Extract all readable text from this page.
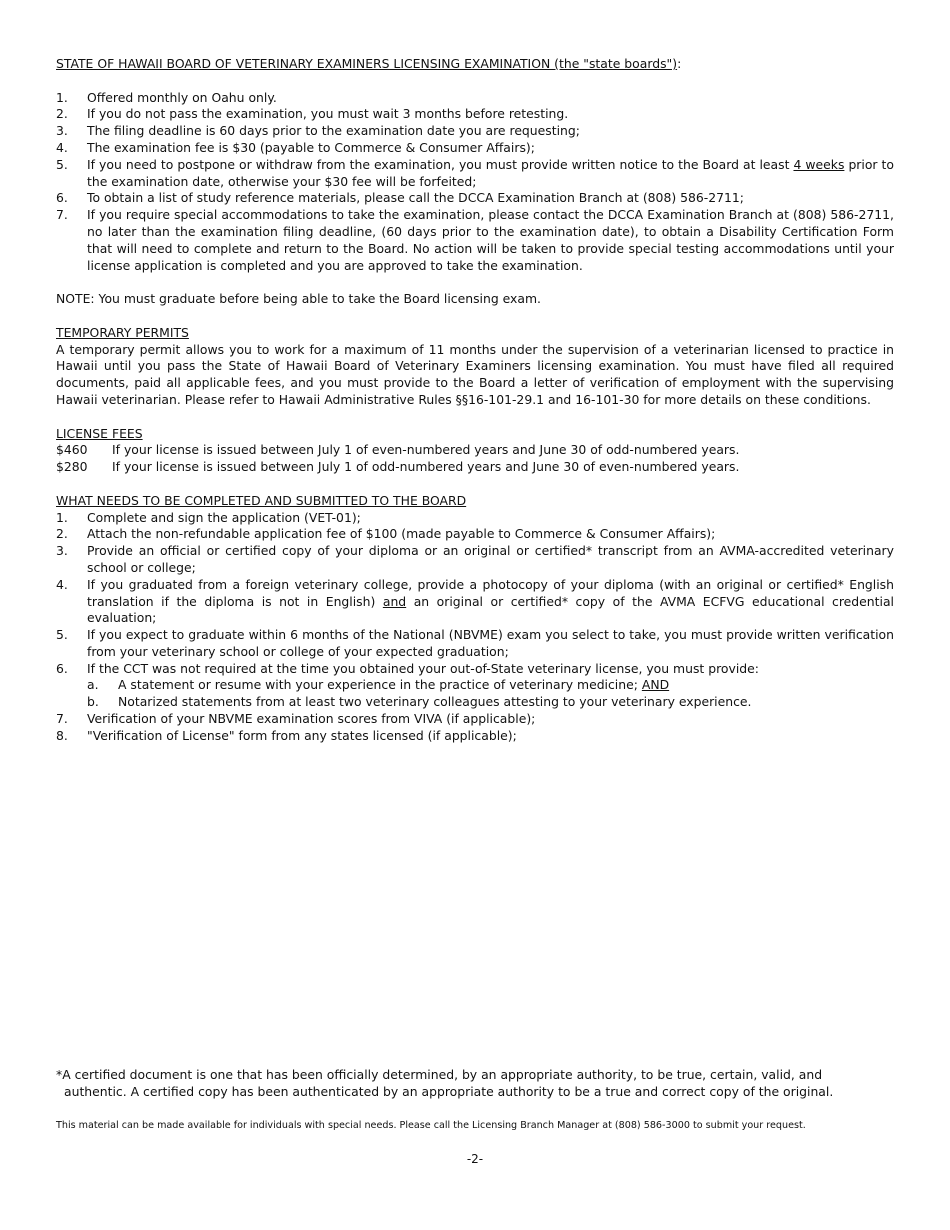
STATE OF HAWAII BOARD OF VETERINARY EXAMINERS LICENSING EXAMINATION (the "state boards"):

1.	Offered monthly on Oahu only.
2.	If you do not pass the examination, you must wait 3 months before retesting.
3.	The filing deadline is 60 days prior to the examination date you are requesting;
4.	The examination fee is $30 (payable to Commerce & Consumer Affairs);
5.	If you need to postpone or withdraw from the examination, you must provide written notice to the Board at least 4 weeks prior to the examination date, otherwise your $30 fee will be forfeited;
6.	To obtain a list of study reference materials, please call the DCCA Examination Branch at (808) 586-2711;
7.	If you require special accommodations to take the examination, please contact the DCCA Examination Branch at (808) 586-2711, no later than the examination filing deadline, (60 days prior to the examination date), to obtain a Disability Certification Form that will need to complete and return to the Board. No action will be taken to provide special testing accommodations until your license application is completed and you are approved to take the examination.

NOTE: You must graduate before being able to take the Board licensing exam.

TEMPORARY PERMITS

A temporary permit allows you to work for a maximum of 11 months under the supervision of a veterinarian licensed to practice in Hawaii until you pass the State of Hawaii Board of Veterinary Examiners licensing examination. You must have filed all required documents, paid all applicable fees, and you must provide to the Board a letter of verification of employment with the supervising Hawaii veterinarian. Please refer to Hawaii Administrative Rules §§16-101-29.1 and 16-101-30 for more details on these conditions.

LICENSE FEES

$460	If your license is issued between July 1 of even-numbered years and June 30 of odd-numbered years.
$280	If your license is issued between July 1 of odd-numbered years and June 30 of even-numbered years.

WHAT NEEDS TO BE COMPLETED AND SUBMITTED TO THE BOARD

1.	Complete and sign the application (VET-01);
2.	Attach the non-refundable application fee of $100 (made payable to Commerce & Consumer Affairs);
3.	Provide an official or certified copy of your diploma or an original or certified* transcript from an AVMA-accredited veterinary school or college;
4.	If you graduated from a foreign veterinary college, provide a photocopy of your diploma (with an original or certified* English translation if the diploma is not in English) and an original or certified* copy of the AVMA ECFVG educational credential evaluation;
5.	If you expect to graduate within 6 months of the National (NBVME) exam you select to take, you must provide written verification from your veterinary school or college of your expected graduation;
6.	If the CCT was not required at the time you obtained your out-of-State veterinary license, you must provide:
a.	A statement or resume with your experience in the practice of veterinary medicine; AND
b.	Notarized statements from at least two veterinary colleagues attesting to your veterinary experience.
7.	Verification of your NBVME examination scores from VIVA (if applicable);
8.	"Verification of License" form from any states licensed (if applicable);
*A certified document is one that has been officially determined, by an appropriate authority, to be true, certain, valid, and
authentic. A certified copy has been authenticated by an appropriate authority to be a true and correct copy of the original.
This material can be made available for individuals with special needs. Please call the Licensing Branch Manager at (808) 586-3000 to submit your request.
-2-
